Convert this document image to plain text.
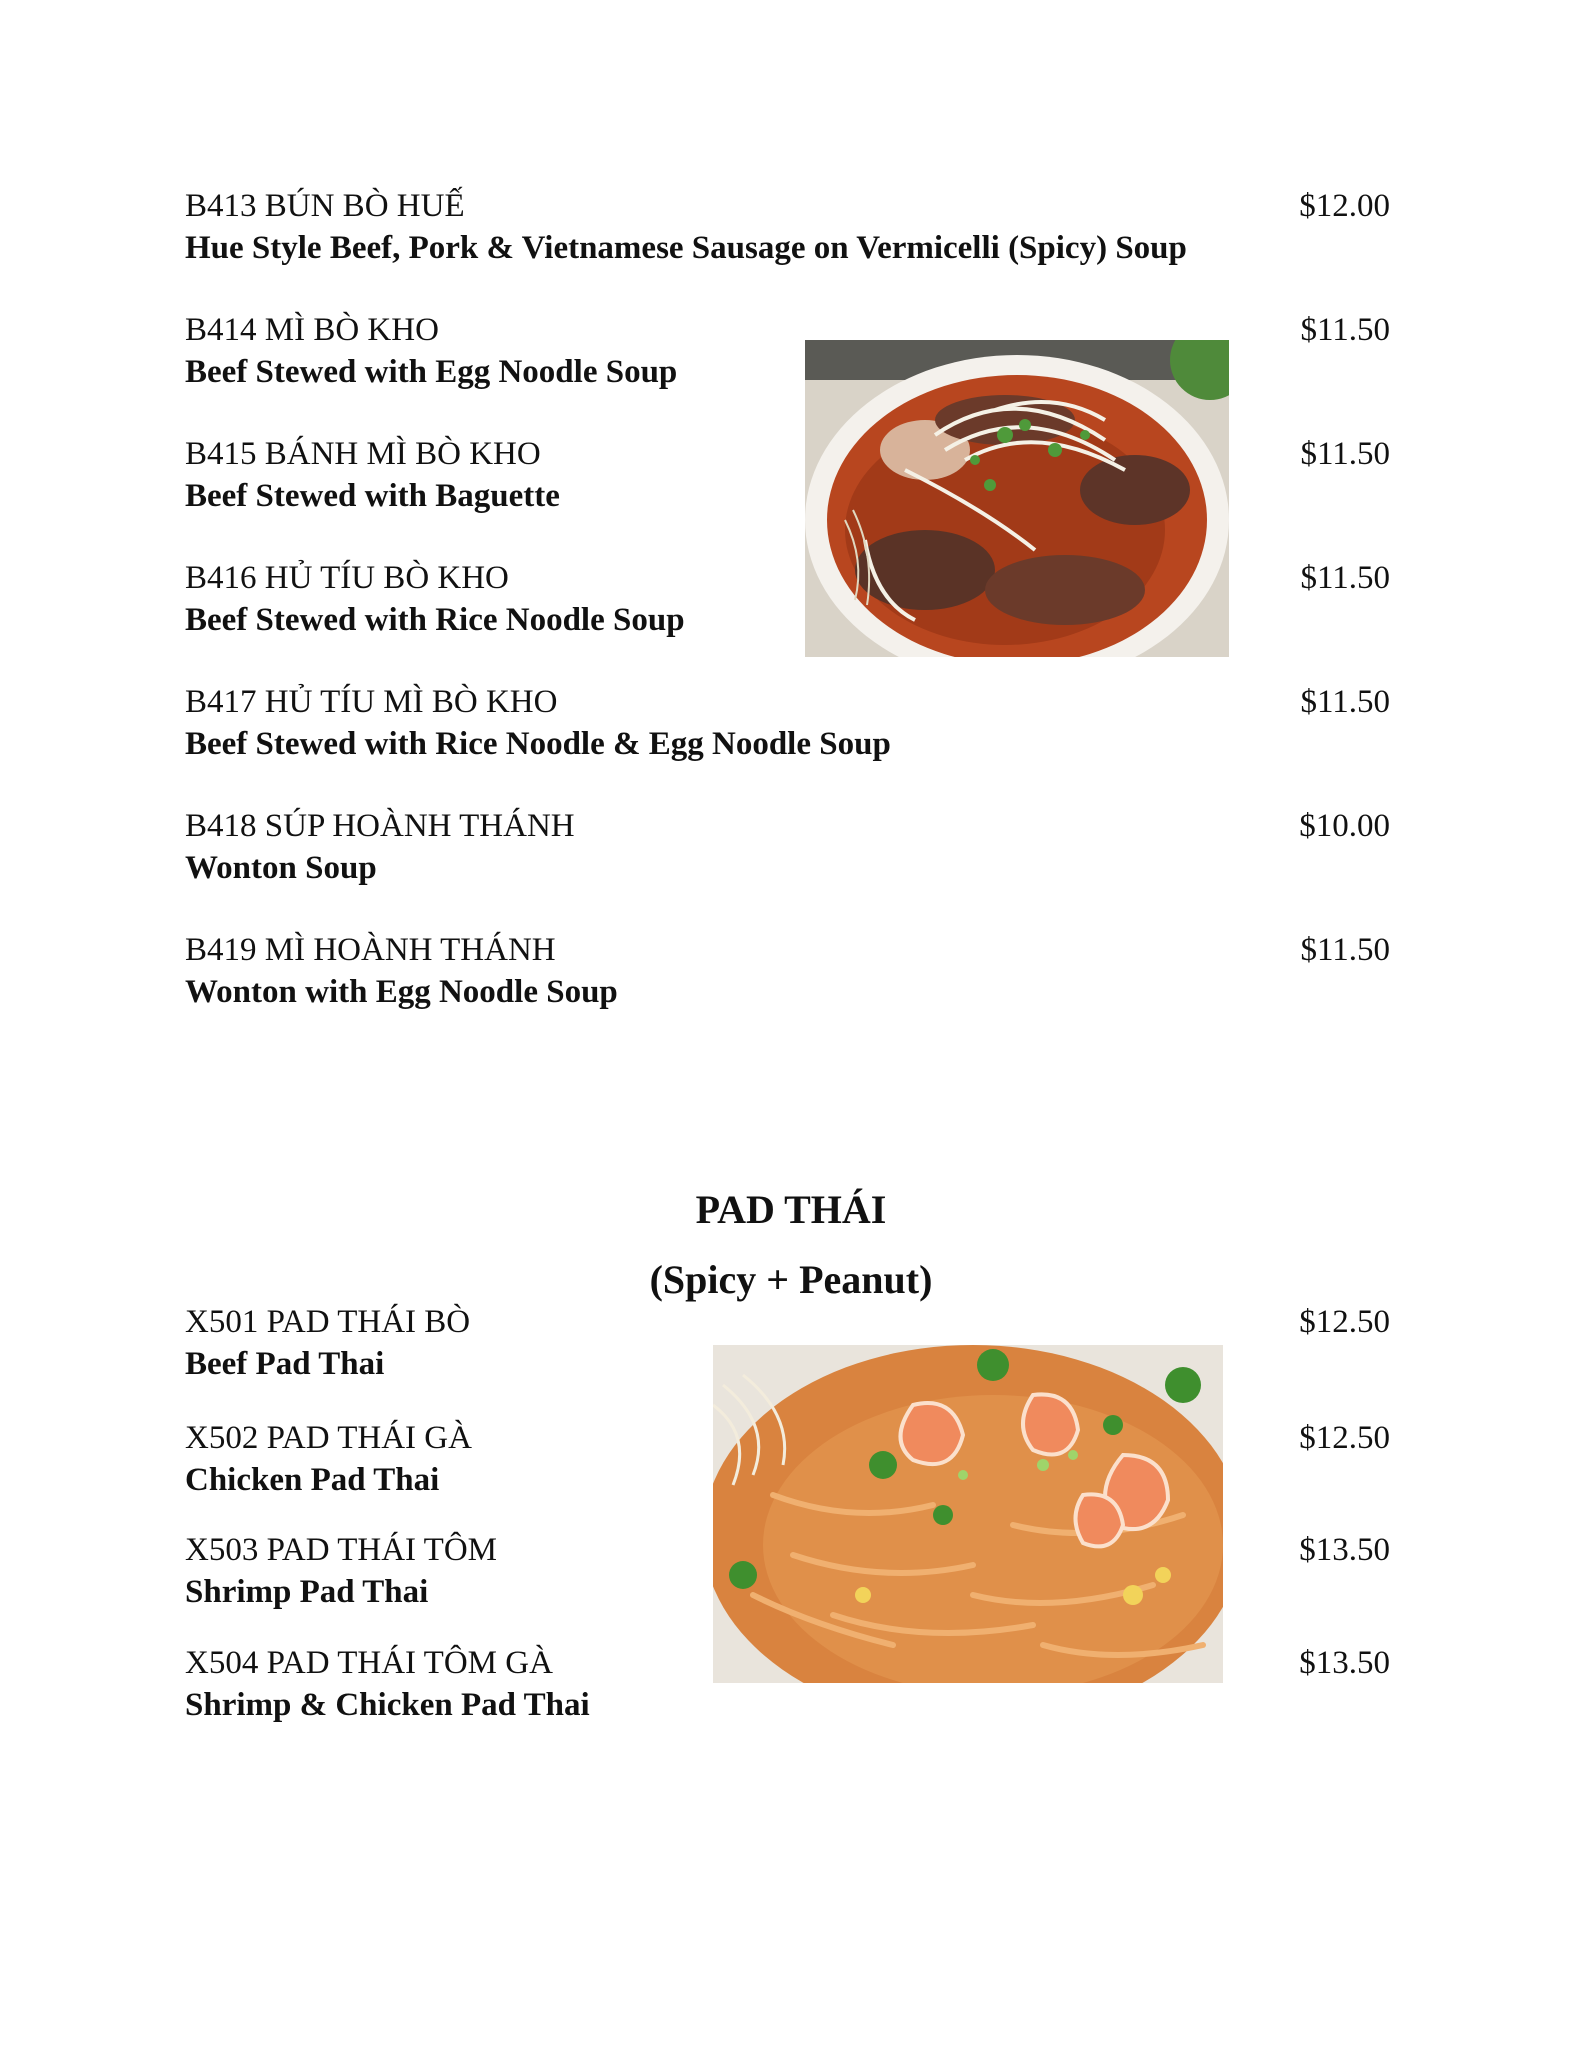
B413 BÚN BÒ HUẾ
Hue Style Beef, Pork & Vietnamese Sausage on Vermicelli (Spicy) Soup
$12.00
B414 MÌ BÒ KHO
Beef Stewed with Egg Noodle Soup
$11.50
B415 BÁNH MÌ BÒ KHO
Beef Stewed with Baguette
$11.50
B416 HỦ TÍU BÒ KHO
Beef Stewed with Rice Noodle Soup
$11.50
B417 HỦ TÍU MÌ BÒ KHO
Beef Stewed with Rice Noodle & Egg Noodle Soup
$11.50
B418 SÚP HOÀNH THÁNH
Wonton Soup
$10.00
B419 MÌ HOÀNH THÁNH
Wonton with Egg Noodle Soup
$11.50
PAD THÁI
(Spicy + Peanut)
X501 PAD THÁI BÒ
Beef Pad Thai
$12.50
X502 PAD THÁI GÀ
Chicken Pad Thai
$12.50
X503 PAD THÁI TÔM
Shrimp Pad Thai
$13.50
X504 PAD THÁI TÔM GÀ
Shrimp & Chicken Pad Thai
$13.50
